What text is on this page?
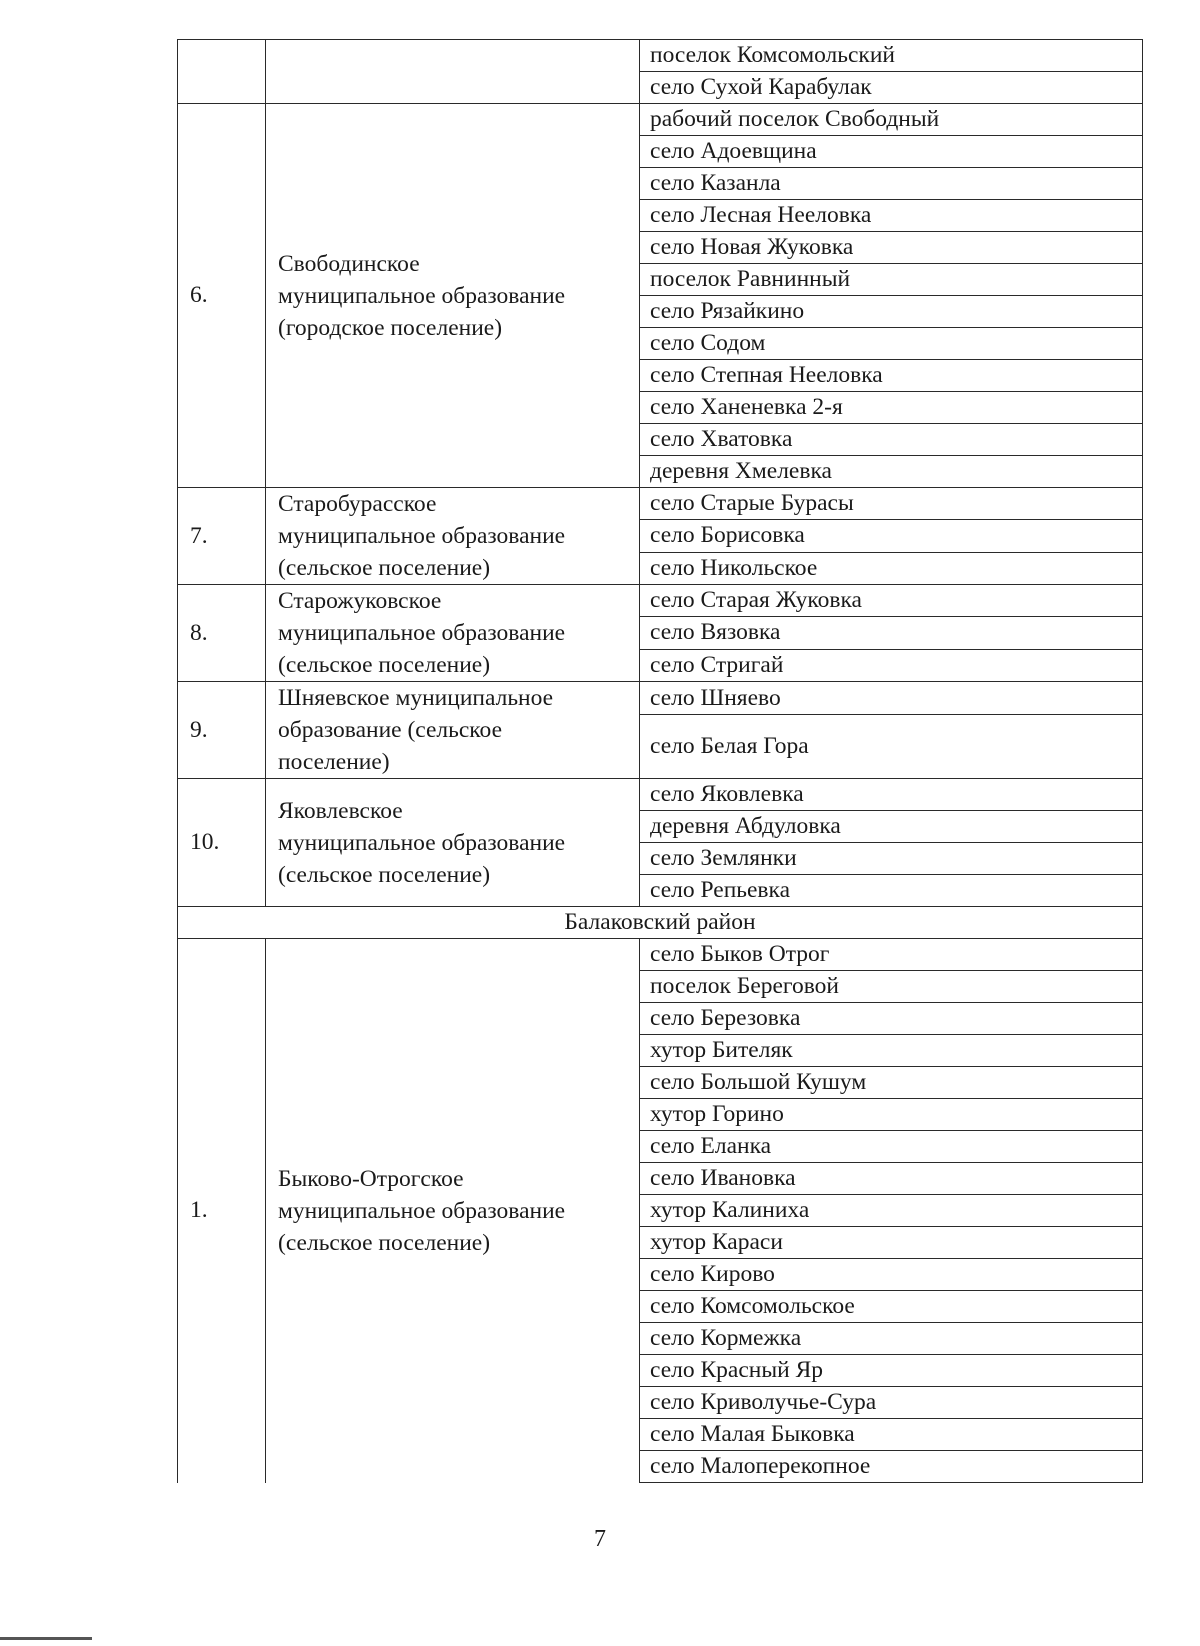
		поселок Комсомольский
		село Сухой Карабулак
6.	Свободинское
муниципальное образование
(городское поселение)	рабочий поселок Свободный
		село Адоевщина
		село Казанла
		село Лесная Нееловка
		село Новая Жуковка
		поселок Равнинный
		село Рязайкино
		село Содом
		село Степная Нееловка
		село Ханеневка 2-я
		село Хватовка
		деревня Хмелевка
7.	Старобурасское
муниципальное образование
(сельское поселение)	село Старые Бурасы
		село Борисовка
		село Никольское
8.	Старожуковское
муниципальное образование
(сельское поселение)	село Старая Жуковка
		село Вязовка
		село Стригай
9.	Шняевское муниципальное
образование (сельское
поселение)	село Шняево
		село Белая Гора
10.	Яковлевское
муниципальное образование
(сельское поселение)	село Яковлевка
		деревня Абдуловка
		село Землянки
		село Репьевка
Балаковский район		
1.	Быково-Отрогское
муниципальное образование
(сельское поселение)	село Быков Отрог
		поселок Береговой
		село Березовка
		хутор Бителяк
		село Большой Кушум
		хутор Горино
		село Еланка
		село Ивановка
		хутор Калиниха
		хутор Караси
		село Кирово
		село Комсомольское
		село Кормежка
		село Красный Яр
		село Криволучье-Сура
		село Малая Быковка
		село Малоперекопное
7
